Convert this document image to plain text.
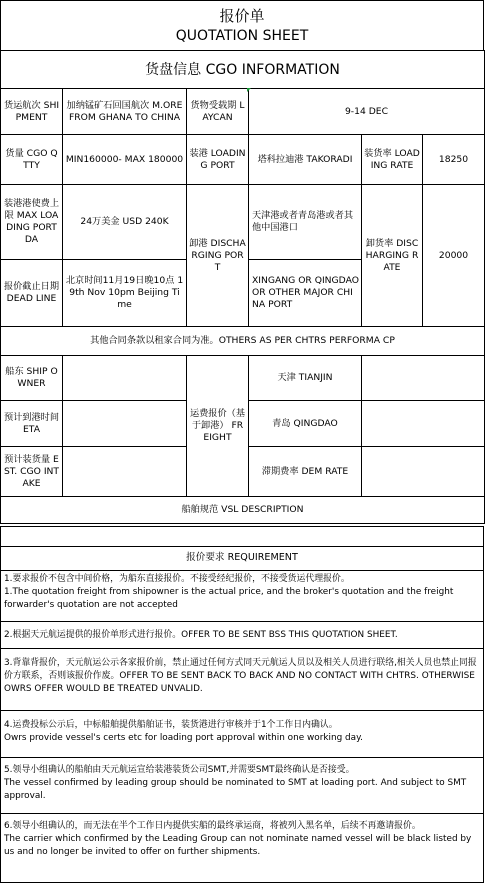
报价单
QUOTATION SHEET
货盘信息 CGO INFORMATION					
货运航次 SHIPMENT	加纳锰矿石回国航次 M.ORE FROM GHANA TO CHINA	货物受载期 LAYCAN	9-14 DEC		
货量 CGO QTTY	MIN160000- MAX 180000	装港 LOADING PORT	塔科拉迪港 TAKORADI	装货率 LOADING RATE	18250
装港港使费上限 MAX LOADING PORT DA	24万美金 USD 240K	卸港 DISCHARGING PORT	天津港或者青岛港或者其他中国港口	卸货率 DISCHARGING RATE	20000
报价截止日期 DEAD LINE	北京时间11月19日晚10点 19th Nov 10pm Beijing Time		XINGANG OR QINGDAO OR OTHER MAJOR CHINA PORT		
其他合同条款以租家合同为准。OTHERS AS PER CHTRS PERFORMA CP					
船东 SHIP OWNER		运费报价（基于卸港） FREIGHT	天津 TIANJIN		
预计到港时间 ETA			青岛 QINGDAO		
预计装货量 EST. CGO INTAKE			滞期费率 DEM RATE		
船舶规范 VSL DESCRIPTION					
报价要求 REQUIREMENT
1.要求报价不包含中间价格，为船东直接报价。不接受经纪报价，不接受货运代理报价。
1.The quotation freight from shipowner is the actual price, and the broker's quotation and the freight forwarder's quotation are not accepted
2.根据天元航运提供的报价单形式进行报价。OFFER TO BE SENT BSS THIS QUOTATION SHEET.
3.背靠背报价，天元航运公示各家报价前，禁止通过任何方式同天元航运人员以及相关人员进行联络,相关人员也禁止同报价方联系，否则该报价作废。OFFER TO BE SENT BACK TO BACK AND NO CONTACT WITH CHTRS. OTHERWISE OWRS OFFER WOULD BE TREATED UNVALID.
4.运费投标公示后，中标船舶提供船舶证书，装货港进行审核并于1个工作日内确认。
Owrs provide vessel's certs etc for loading port approval within one working day.
5.领导小组确认的船舶由天元航运宣给装港装货公司SMT,并需要SMT最终确认是否接受。
The vessel confirmed by leading group should be nominated to SMT at loading port. And subject to SMT approval.
6.领导小组确认的，而无法在半个工作日内提供实船的最终承运商，将被列入黑名单，后续不再邀请报价。
The carrier which confirmed by the Leading Group can not nominate named vessel will be black listed by us and no longer be invited to offer on further shipments.
